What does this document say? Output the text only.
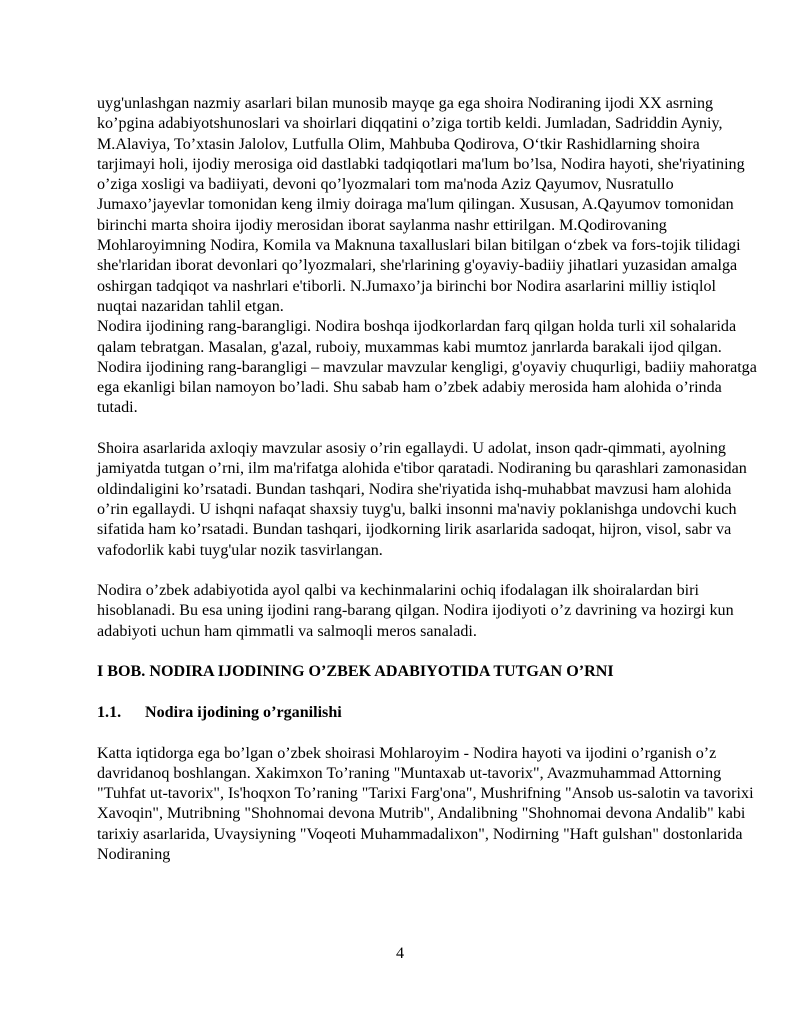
uyg'unlashgan nazmiy asarlari bilan munosib mayqe ga ega shoira Nodiraning ijodi XX asrning ko’pgina adabiyotshunoslari va shoirlari diqqatini o’ziga tortib keldi. Jumladan, Sadriddin Ayniy, M.Alaviya, To’xtasin Jalolov, Lutfulla Olim, Mahbuba Qodirova, O‘tkir Rashidlarning shoira tarjimayi holi, ijodiy merosiga oid dastlabki tadqiqotlari ma'lum bo’lsa, Nodira hayoti, she'riyatining o’ziga xosligi va badiiyati, devoni qo’lyozmalari tom ma'noda Aziz Qayumov, Nusratullo Jumaxo’jayevlar tomonidan keng ilmiy doiraga ma'lum qilingan. Xususan, A.Qayumov tomonidan birinchi marta shoira ijodiy merosidan iborat saylanma nashr ettirilgan. M.Qodirovaning Mohlaroyimning Nodira, Komila va Maknuna taxalluslari bilan bitilgan o‘zbek va fors-tojik tilidagi she'rlaridan iborat devonlari qo’lyozmalari, she'rlarining g'oyaviy-badiiy jihatlari yuzasidan amalga oshirgan tadqiqot va nashrlari e'tiborli. N.Jumaxo’ja birinchi bor Nodira asarlarini milliy istiqlol nuqtai nazaridan tahlil etgan.

Nodira ijodining rang-barangligi. Nodira boshqa ijodkorlardan farq qilgan holda turli xil sohalarida qalam tebratgan. Masalan, g'azal, ruboiy, muxammas kabi mumtoz janrlarda barakali ijod qilgan. Nodira ijodining rang-barangligi – mavzular mavzular kengligi, g'oyaviy chuqurligi, badiiy mahoratga ega ekanligi bilan namoyon bo’ladi. Shu sabab ham o’zbek adabiy merosida ham alohida o’rinda tutadi.

Shoira asarlarida axloqiy mavzular asosiy o’rin egallaydi. U adolat, inson qadr-qimmati, ayolning jamiyatda tutgan o’rni, ilm ma'rifatga alohida e'tibor qaratadi. Nodiraning bu qarashlari zamonasidan oldindaligini ko’rsatadi. Bundan tashqari, Nodira she'riyatida ishq-muhabbat mavzusi ham alohida o’rin egallaydi. U ishqni nafaqat shaxsiy tuyg'u, balki insonni ma'naviy poklanishga undovchi kuch sifatida ham ko’rsatadi. Bundan tashqari, ijodkorning lirik asarlarida sadoqat, hijron, visol, sabr va vafodorlik kabi tuyg'ular nozik tasvirlangan.

Nodira o’zbek adabiyotida ayol qalbi va kechinmalarini ochiq ifodalagan ilk shoiralardan biri hisoblanadi. Bu esa uning ijodini rang-barang qilgan. Nodira ijodiyoti o’z davrining va hozirgi kun adabiyoti uchun ham qimmatli va salmoqli meros sanaladi.

I BOB. NODIRA IJODINING O’ZBEK ADABIYOTIDA TUTGAN O’RNI

1.1. Nodira ijodining o’rganilishi

Katta iqtidorga ega bo’lgan o’zbek shoirasi Mohlaroyim - Nodira hayoti va ijodini o’rganish o’z davridanoq boshlangan. Xakimxon To’raning "Muntaxab ut-tavorix", Avazmuhammad Attorning "Tuhfat ut-tavorix", Is'hoqxon To’raning "Tarixi Farg'ona", Mushrifning "Ansob us-salotin va tavorixi Xavoqin", Mutribning "Shohnomai devona Mutrib", Andalibning "Shohnomai devona Andalib" kabi tarixiy asarlarida, Uvaysiyning "Voqeoti Muhammadalixon", Nodirning "Haft gulshan" dostonlarida Nodiraning

4
